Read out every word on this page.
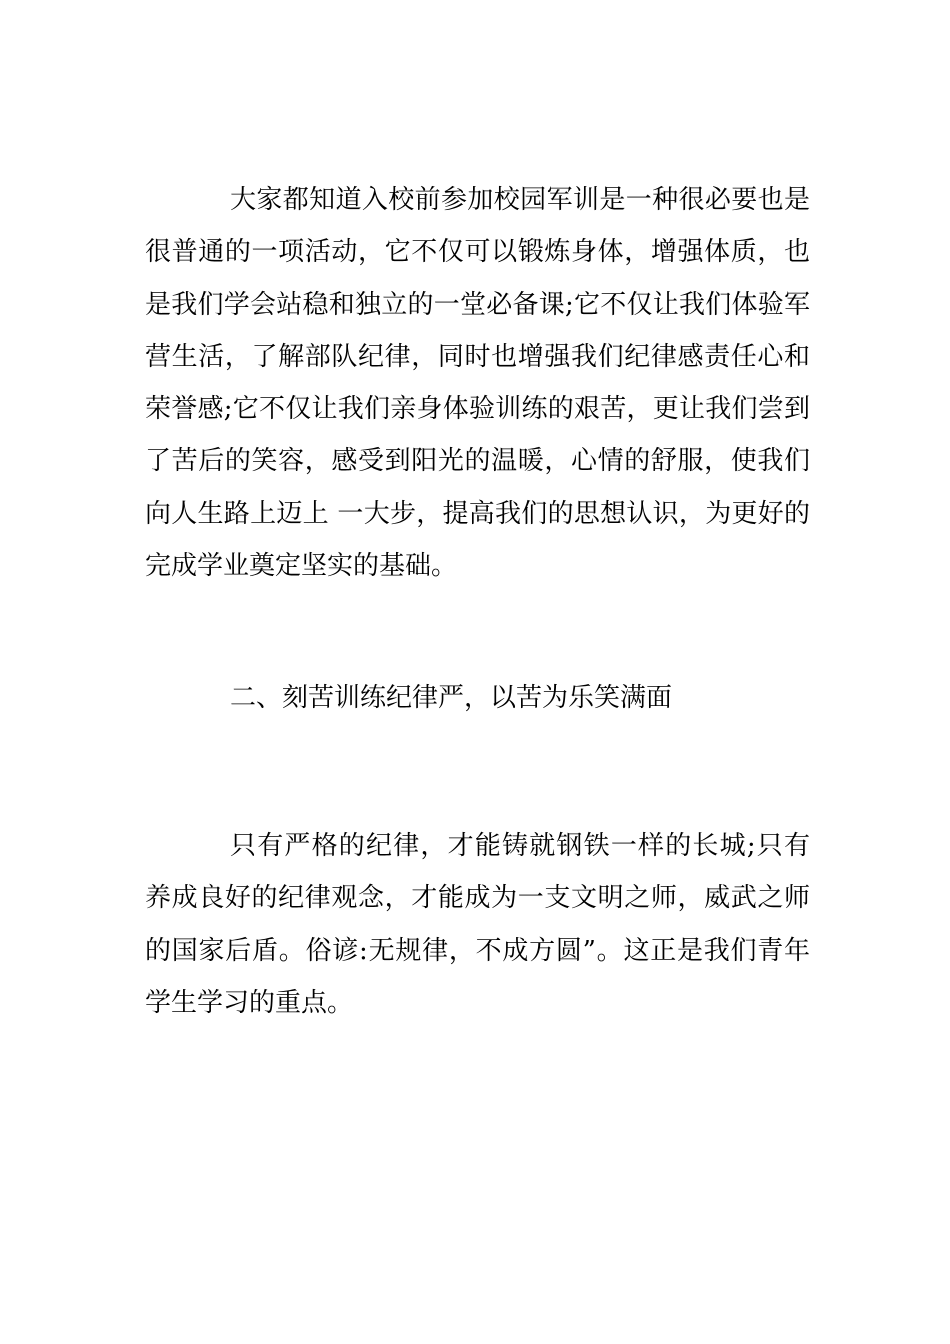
大家都知道入校前参加校园军训是一种很必要也是很普通的一项活动，它不仅可以锻炼身体，增强体质，也是我们学会站稳和独立的一堂必备课;它不仅让我们体验军营生活，了解部队纪律，同时也增强我们纪律感责任心和荣誉感;它不仅让我们亲身体验训练的艰苦，更让我们尝到了苦后的笑容，感受到阳光的温暖，心情的舒服，使我们向人生路上迈上 一大步，提高我们的思想认识，为更好的完成学业奠定坚实的基础。

二、刻苦训练纪律严，以苦为乐笑满面

只有严格的纪律，才能铸就钢铁一样的长城;只有养成良好的纪律观念，才能成为一支文明之师，威武之师的国家后盾。俗谚:无规律，不成方圆”。这正是我们青年学生学习的重点。
